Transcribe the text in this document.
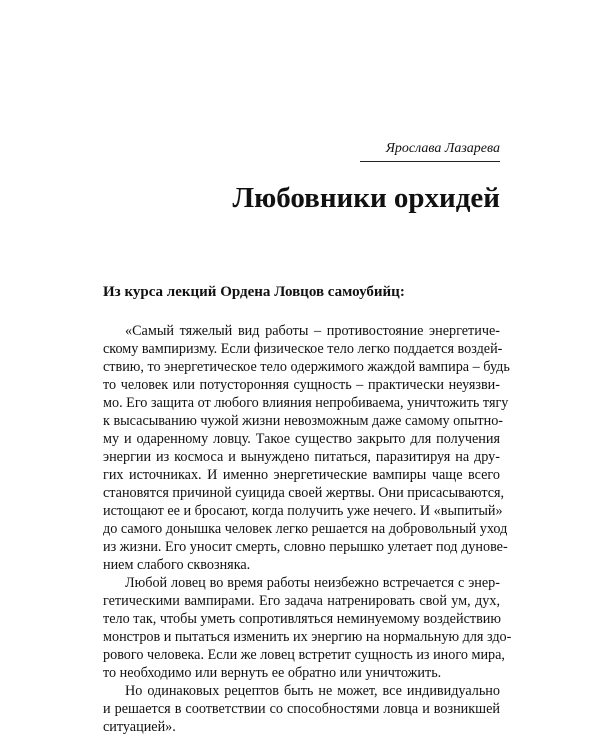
Ярослава Лазарева
Любовники орхидей
Из курса лекций Ордена Ловцов самоубийц:
«Самый тяжелый вид работы – противостояние энергетиче-
скому вампиризму. Если физическое тело легко поддается воздей-
ствию, то энергетическое тело одержимого жаждой вампира – будь
то человек или потусторонняя сущность – практически неуязви-
мо. Его защита от любого влияния непробиваема, уничтожить тягу
к высасыванию чужой жизни невозможным даже самому опытно-
му и одаренному ловцу. Такое существо закрыто для получения
энергии из космоса и вынуждено питаться, паразитируя на дру-
гих источниках. И именно энергетические вампиры чаще всего
становятся причиной суицида своей жертвы. Они присасываются,
истощают ее и бросают, когда получить уже нечего. И «выпитый»
до самого донышка человек легко решается на добровольный уход
из жизни. Его уносит смерть, словно перышко улетает под дунове-
нием слабого сквозняка.
Любой ловец во время работы неизбежно встречается с энер-
гетическими вампирами. Его задача натренировать свой ум, дух,
тело так, чтобы уметь сопротивляться неминуемому воздействию
монстров и пытаться изменить их энергию на нормальную для здо-
рового человека. Если же ловец встретит сущность из иного мира,
то необходимо или вернуть ее обратно или уничтожить.
Но одинаковых рецептов быть не может, все индивидуально
и решается в соответствии со способностями ловца и возникшей
ситуацией».
